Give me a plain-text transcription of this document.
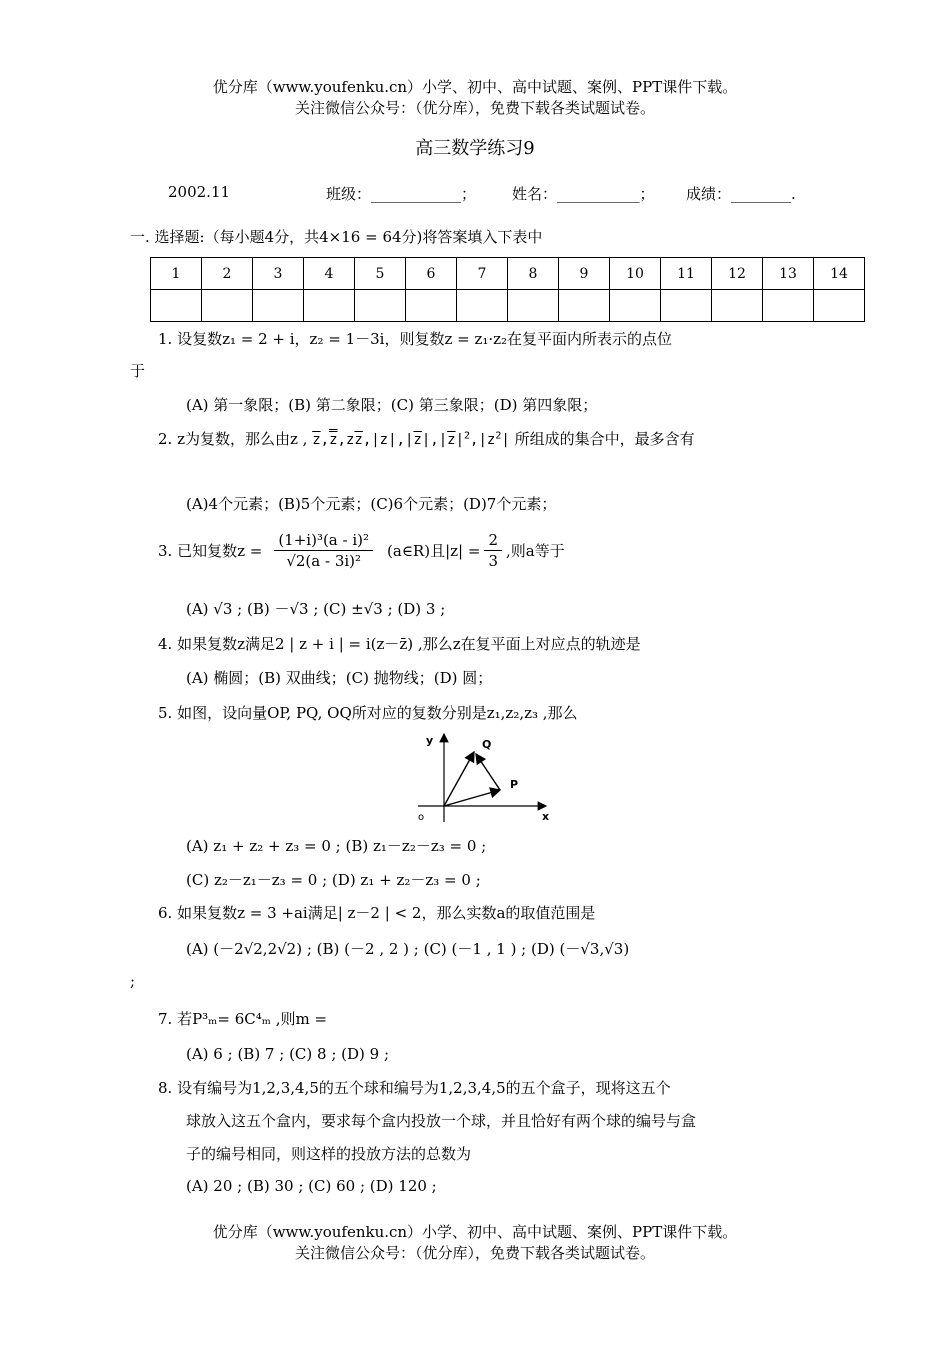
优分库（www.youfenku.cn）小学、初中、高中试题、案例、PPT课件下载。
关注微信公众号：（优分库），免费下载各类试题试卷。
高三数学练习9
2002.11	班级：____________； 姓名：___________； 成绩：________.
一. 选择题:（每小题4分，共4×16 = 64分)将答案填入下表中
1	2	3	4	5	6	7	8	9	10	11	12	13	14

1. 设复数z₁ = 2 + i，z₂ = 1－3i，则复数z = z₁·z₂在复平面内所表示的点位
于
(A) 第一象限；(B) 第二象限；(C) 第三象限；(D) 第四象限；
2. z为复数，那么由z , $\overline{z},z,z\overline{z},|z|,|\overline{z}|,|\overline{z}|^2,|z^2|$ 所组成的集合中，最多含有
(A)4个元素；(B)5个元素；(C)6个元素；(D)7个元素；
3. 已知复数$z = \frac{\text{(1+i)³(a - i)²}}{\text{√2(a - 3i)²}}$ (a∈R)且$|z| = \frac{2}{3}$ ,则a等于
(A) √3 ; (B) －√3 ; (C) ±√3 ; (D) 3 ;
4. 如果复数z满足2 | z + i | = i(z－z̄) ,那么z在复平面上对应点的轨迹是
(A) 椭圆；(B) 双曲线；(C) 抛物线；(D) 圆；
5. 如图，设向量OP, PQ, OQ所对应的复数分别是z₁,z₂,z₃ ,那么
y
x
o
Q
P
(A) z₁ + z₂ + z₃ = 0 ; (B) z₁－z₂－z₃ = 0 ;
(C) z₂－z₁－z₃ = 0 ; (D) z₁ + z₂－z₃ = 0 ;
6. 如果复数z = 3 +ai满足| z－2 | < 2，那么实数a的取值范围是
(A) (－2√2,2√2) ; (B) (－2 , 2 ) ; (C) (－1 , 1 ) ; (D) (－√3,√3)
;
7. 若P³ₘ= 6C⁴ₘ ,则m =
(A) 6 ; (B) 7 ; (C) 8 ; (D) 9 ;
8. 设有编号为1,2,3,4,5的五个球和编号为1,2,3,4,5的五个盒子，现将这五个
球放入这五个盒内，要求每个盒内投放一个球，并且恰好有两个球的编号与盒
子的编号相同，则这样的投放方法的总数为
(A) 20 ; (B) 30 ; (C) 60 ; (D) 120 ;
优分库（www.youfenku.cn）小学、初中、高中试题、案例、PPT课件下载。
关注微信公众号：（优分库），免费下载各类试题试卷。
